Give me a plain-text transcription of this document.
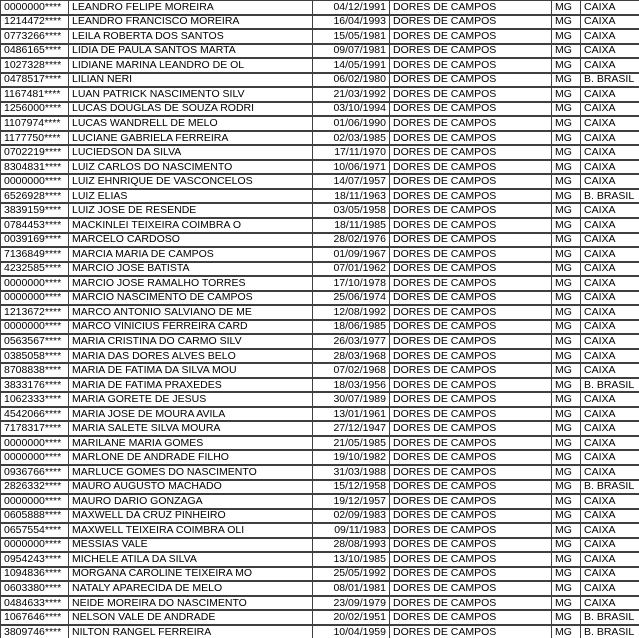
0000000****	LEANDRO FELIPE MOREIRA	04/12/1991	DORES DE CAMPOS	MG	CAIXA
1214472****	LEANDRO FRANCISCO MOREIRA	16/04/1993	DORES DE CAMPOS	MG	CAIXA
0773266****	LEILA ROBERTA DOS SANTOS	15/05/1981	DORES DE CAMPOS	MG	CAIXA
0486165****	LIDIA DE PAULA SANTOS MARTA	09/07/1981	DORES DE CAMPOS	MG	CAIXA
1027328****	LIDIANE MARINA LEANDRO DE OL	14/05/1991	DORES DE CAMPOS	MG	CAIXA
0478517****	LILIAN NERI	06/02/1980	DORES DE CAMPOS	MG	B. BRASIL
1167481****	LUAN PATRICK NASCIMENTO SILV	21/03/1992	DORES DE CAMPOS	MG	CAIXA
1256000****	LUCAS DOUGLAS DE SOUZA RODRI	03/10/1994	DORES DE CAMPOS	MG	CAIXA
1107974****	LUCAS WANDRELL DE MELO	01/06/1990	DORES DE CAMPOS	MG	CAIXA
1177750****	LUCIANE GABRIELA FERREIRA	02/03/1985	DORES DE CAMPOS	MG	CAIXA
0702219****	LUCIEDSON DA SILVA	17/11/1970	DORES DE CAMPOS	MG	CAIXA
8304831****	LUIZ CARLOS DO NASCIMENTO	10/06/1971	DORES DE CAMPOS	MG	CAIXA
0000000****	LUIZ EHNRIQUE DE VASCONCELOS	14/07/1957	DORES DE CAMPOS	MG	CAIXA
6526928****	LUIZ ELIAS	18/11/1963	DORES DE CAMPOS	MG	B. BRASIL
3839159****	LUIZ JOSE DE RESENDE	03/05/1958	DORES DE CAMPOS	MG	CAIXA
0784453****	MACKINLEI TEIXEIRA COIMBRA O	18/11/1985	DORES DE CAMPOS	MG	CAIXA
0039169****	MARCELO CARDOSO	28/02/1976	DORES DE CAMPOS	MG	CAIXA
7136849****	MARCIA MARIA DE CAMPOS	01/09/1967	DORES DE CAMPOS	MG	CAIXA
4232585****	MARCIO JOSE BATISTA	07/01/1962	DORES DE CAMPOS	MG	CAIXA
0000000****	MARCIO JOSE RAMALHO TORRES	17/10/1978	DORES DE CAMPOS	MG	CAIXA
0000000****	MARCIO NASCIMENTO DE CAMPOS	25/06/1974	DORES DE CAMPOS	MG	CAIXA
1213672****	MARCO ANTONIO SALVIANO DE ME	12/08/1992	DORES DE CAMPOS	MG	CAIXA
0000000****	MARCO VINICIUS FERREIRA CARD	18/06/1985	DORES DE CAMPOS	MG	CAIXA
0563567****	MARIA CRISTINA DO CARMO SILV	26/03/1977	DORES DE CAMPOS	MG	CAIXA
0385058****	MARIA DAS DORES ALVES BELO	28/03/1968	DORES DE CAMPOS	MG	CAIXA
8708838****	MARIA DE FATIMA DA SILVA MOU	07/02/1968	DORES DE CAMPOS	MG	CAIXA
3833176****	MARIA DE FATIMA PRAXEDES	18/03/1956	DORES DE CAMPOS	MG	B. BRASIL
1062333****	MARIA GORETE DE JESUS	30/07/1989	DORES DE CAMPOS	MG	CAIXA
4542066****	MARIA JOSE DE MOURA AVILA	13/01/1961	DORES DE CAMPOS	MG	CAIXA
7178317****	MARIA SALETE SILVA MOURA	27/12/1947	DORES DE CAMPOS	MG	CAIXA
0000000****	MARILANE MARIA GOMES	21/05/1985	DORES DE CAMPOS	MG	CAIXA
0000000****	MARLONE DE ANDRADE FILHO	19/10/1982	DORES DE CAMPOS	MG	CAIXA
0936766****	MARLUCE GOMES DO NASCIMENTO	31/03/1988	DORES DE CAMPOS	MG	CAIXA
2826332****	MAURO AUGUSTO MACHADO	15/12/1958	DORES DE CAMPOS	MG	B. BRASIL
0000000****	MAURO DARIO GONZAGA	19/12/1957	DORES DE CAMPOS	MG	CAIXA
0605888****	MAXWELL DA CRUZ PINHEIRO	02/09/1983	DORES DE CAMPOS	MG	CAIXA
0657554****	MAXWELL TEIXEIRA COIMBRA OLI	09/11/1983	DORES DE CAMPOS	MG	CAIXA
0000000****	MESSIAS VALE	28/08/1993	DORES DE CAMPOS	MG	CAIXA
0954243****	MICHELE ATILA DA SILVA	13/10/1985	DORES DE CAMPOS	MG	CAIXA
1094836****	MORGANA CAROLINE TEIXEIRA MO	25/05/1992	DORES DE CAMPOS	MG	CAIXA
0603380****	NATALY APARECIDA DE MELO	08/01/1981	DORES DE CAMPOS	MG	CAIXA
0484633****	NEIDE MOREIRA DO NASCIMENTO	23/09/1979	DORES DE CAMPOS	MG	CAIXA
1067646****	NELSON VALE DE ANDRADE	20/02/1951	DORES DE CAMPOS	MG	B. BRASIL
3809746****	NILTON RANGEL FERREIRA	10/04/1959	DORES DE CAMPOS	MG	B. BRASIL
